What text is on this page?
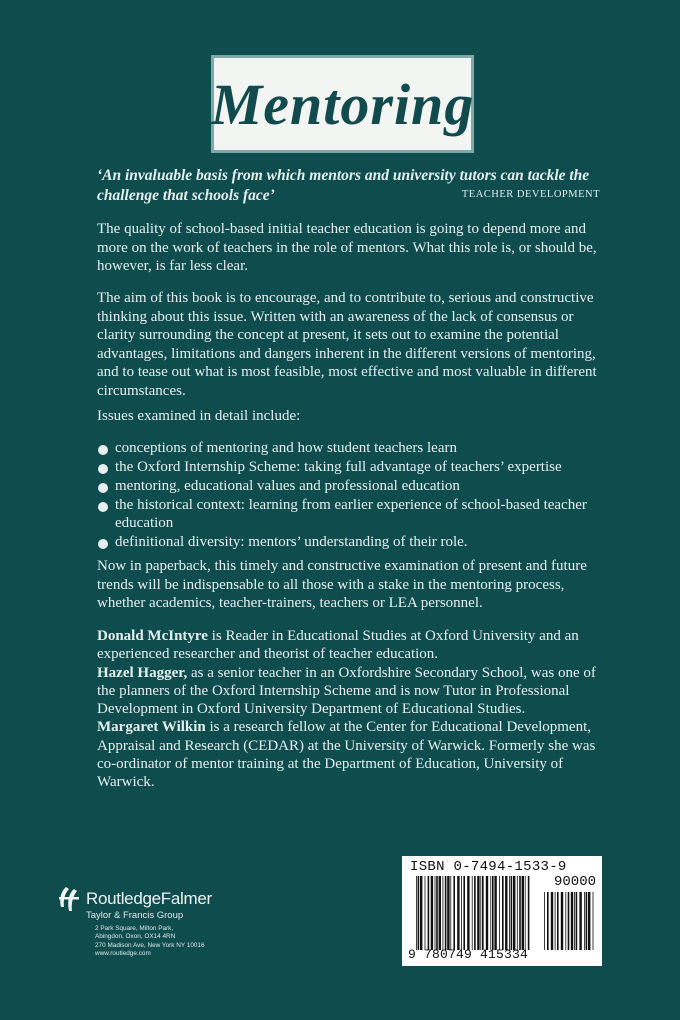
Mentoring
‘An invaluable basis from which mentors and university tutors can tackle the challenge that schools face’	TEACHER DEVELOPMENT
The quality of school-based initial teacher education is going to depend more and more on the work of teachers in the role of mentors. What this role is, or should be, however, is far less clear.
The aim of this book is to encourage, and to contribute to, serious and constructive thinking about this issue. Written with an awareness of the lack of consensus or clarity surrounding the concept at present, it sets out to examine the potential advantages, limitations and dangers inherent in the different versions of mentoring, and to tease out what is most feasible, most effective and most valuable in different circumstances.
Issues examined in detail include:
conceptions of mentoring and how student teachers learn
the Oxford Internship Scheme: taking full advantage of teachers’ expertise
mentoring, educational values and professional education
the historical context: learning from earlier experience of school-based teacher education
definitional diversity: mentors’ understanding of their role.
Now in paperback, this timely and constructive examination of present and future trends will be indispensable to all those with a stake in the mentoring process, whether academics, teacher-trainers, teachers or LEA personnel.
Donald McIntyre is Reader in Educational Studies at Oxford University and an experienced researcher and theorist of teacher education.
Hazel Hagger, as a senior teacher in an Oxfordshire Secondary School, was one of the planners of the Oxford Internship Scheme and is now Tutor in Professional Development in Oxford University Department of Educational Studies.
Margaret Wilkin is a research fellow at the Center for Educational Development, Appraisal and Research (CEDAR) at the University of Warwick. Formerly she was co-ordinator of mentor training at the Department of Education, University of Warwick.
RoutledgeFalmer
Taylor & Francis Group
2 Park Square, Milton Park,
Abingdon, Oxon, OX14 4RN
270 Madison Ave, New York NY 10016
www.routledge.com
ISBN 0-7494-1533-9
90000
9 780749 415334
